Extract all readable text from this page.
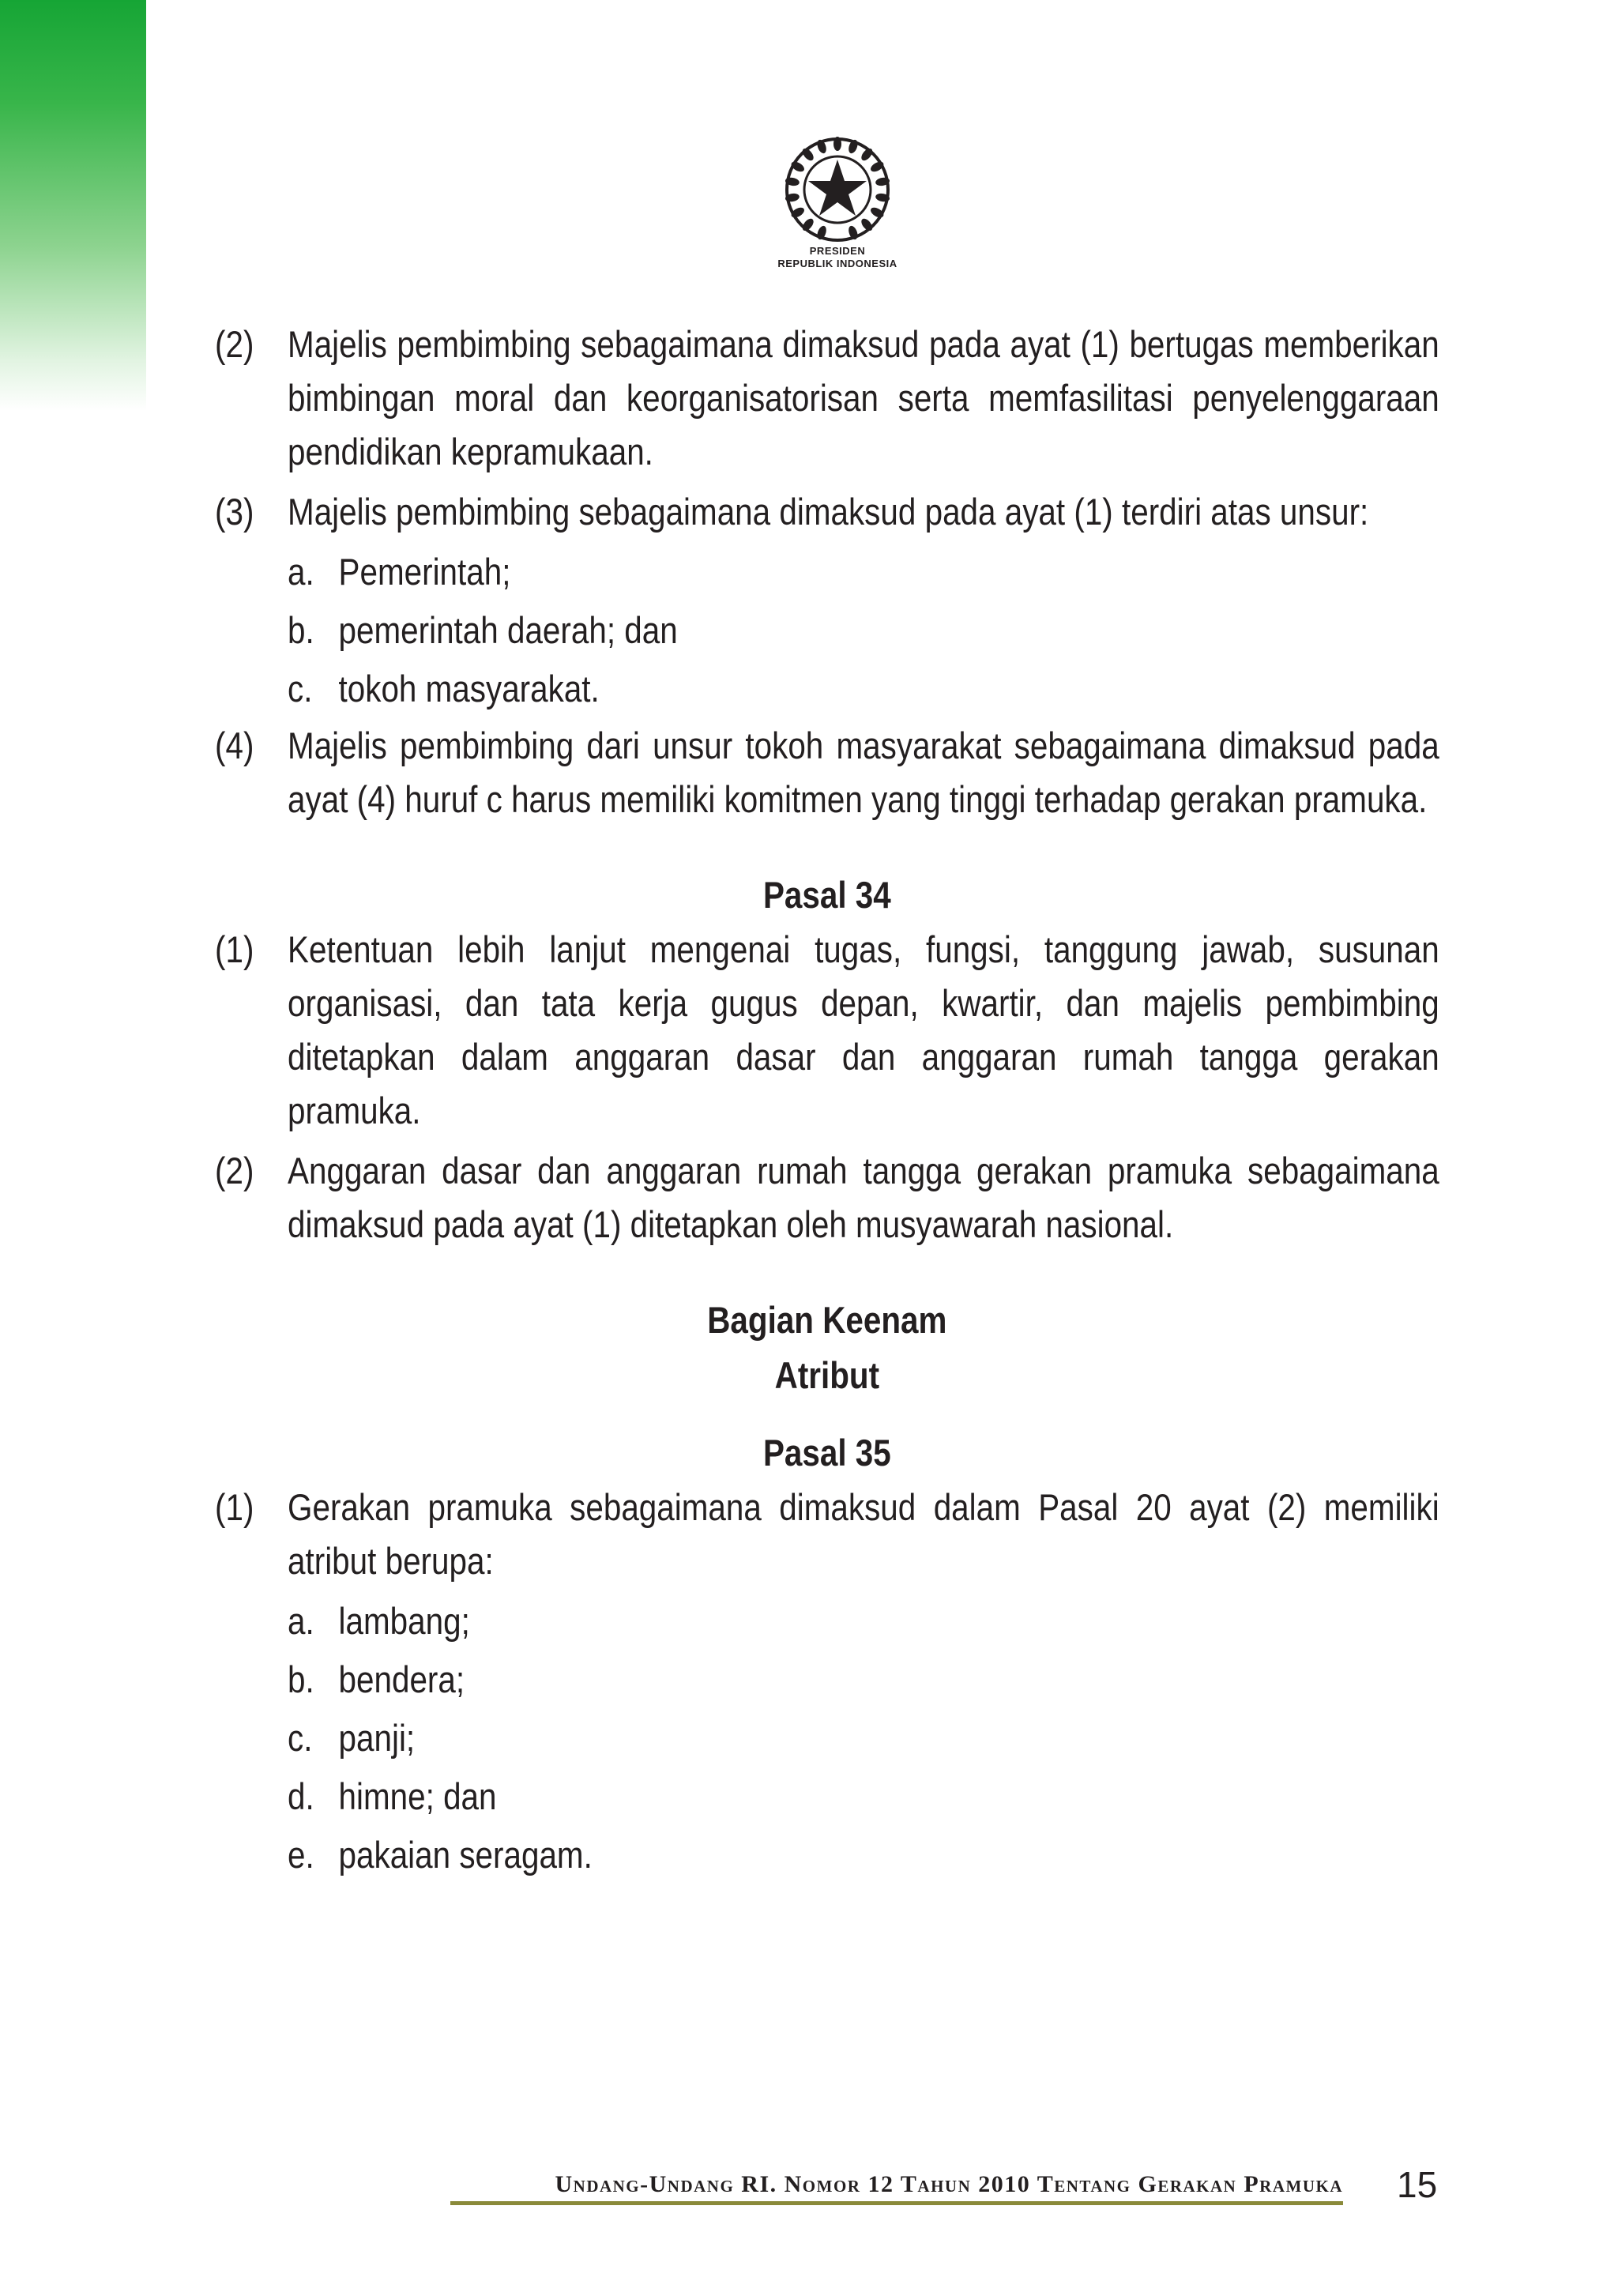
PRESIDEN
REPUBLIK INDONESIA
(2) Majelis pembimbing sebagaimana dimaksud pada ayat (1) bertugas memberikan bimbingan moral dan keorganisatorisan serta memfasilitasi penyelenggaraan pendidikan kepramukaan.
(3) Majelis pembimbing sebagaimana dimaksud pada ayat (1) terdiri atas unsur:
a. Pemerintah;
b. pemerintah daerah; dan
c. tokoh masyarakat.
(4) Majelis pembimbing dari unsur tokoh masyarakat sebagaimana dimaksud pada ayat (4) huruf c harus memiliki komitmen yang tinggi terhadap gerakan pramuka.
Pasal 34
(1) Ketentuan lebih lanjut mengenai tugas, fungsi, tanggung jawab, susunan organisasi, dan tata kerja gugus depan, kwartir, dan majelis pembimbing ditetapkan dalam anggaran dasar dan anggaran rumah tangga gerakan pramuka.
(2) Anggaran dasar dan anggaran rumah tangga gerakan pramuka sebagaimana dimaksud pada ayat (1) ditetapkan oleh musyawarah nasional.
Bagian Keenam
Atribut
Pasal 35
(1) Gerakan pramuka sebagaimana dimaksud dalam Pasal 20 ayat (2) memiliki atribut berupa:
a. lambang;
b. bendera;
c. panji;
d. himne; dan
e. pakaian seragam.
Undang-Undang RI. Nomor 12 Tahun 2010 Tentang Gerakan Pramuka 15
